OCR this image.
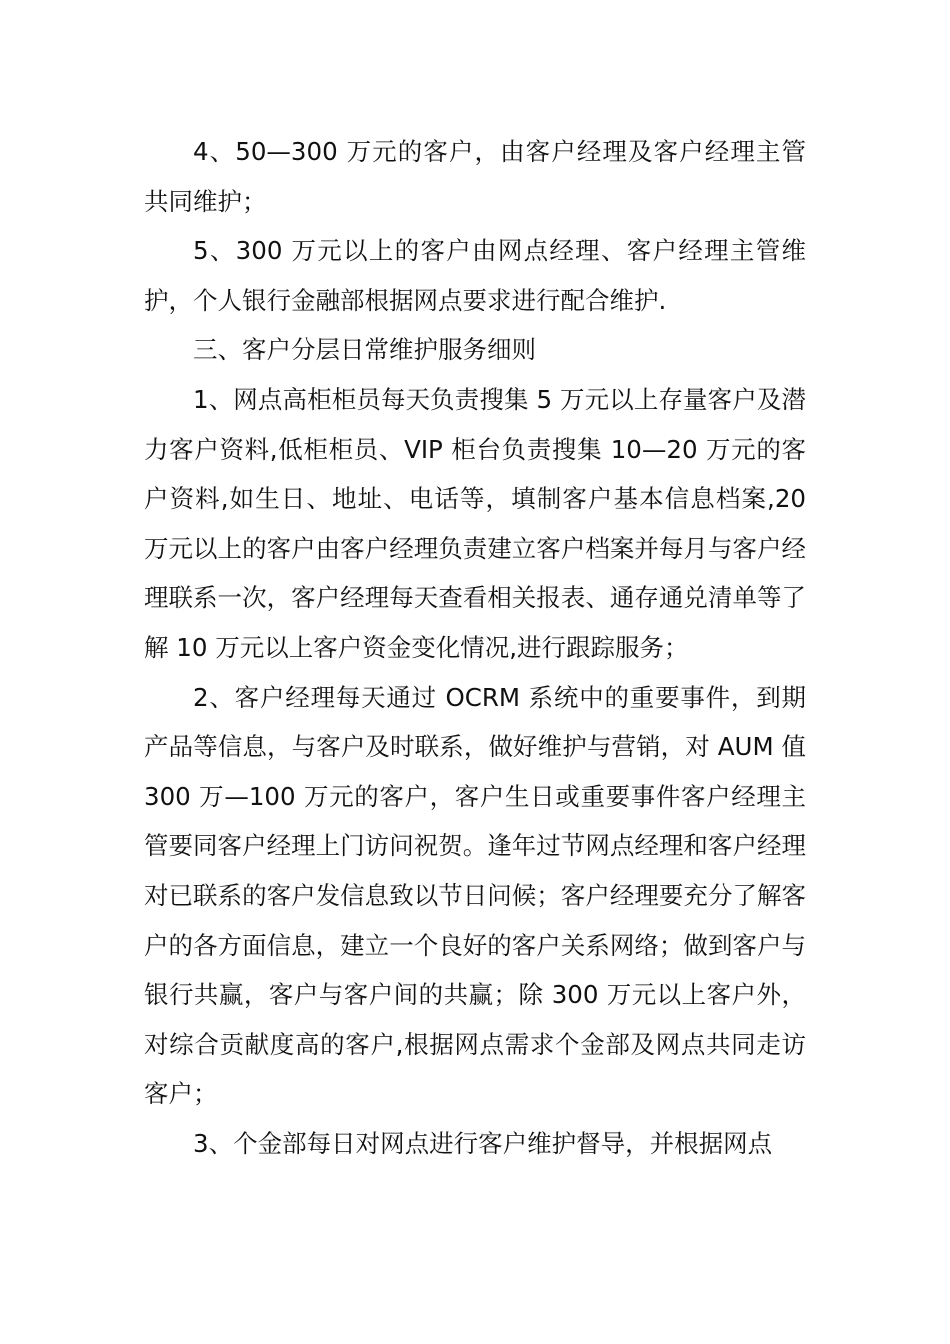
4、50—300 万元的客户，由客户经理及客户经理主管共同维护；

5、300 万元以上的客户由网点经理、客户经理主管维护，个人银行金融部根据网点要求进行配合维护.

三、客户分层日常维护服务细则

1、网点高柜柜员每天负责搜集 5 万元以上存量客户及潜力客户资料,低柜柜员、VIP 柜台负责搜集 10—20 万元的客户资料,如生日、地址、电话等，填制客户基本信息档案,20 万元以上的客户由客户经理负责建立客户档案并每月与客户经理联系一次，客户经理每天查看相关报表、通存通兑清单等了解 10 万元以上客户资金变化情况,进行跟踪服务；

2、客户经理每天通过 OCRM 系统中的重要事件，到期产品等信息，与客户及时联系，做好维护与营销，对 AUM 值 300 万—100 万元的客户，客户生日或重要事件客户经理主管要同客户经理上门访问祝贺。逢年过节网点经理和客户经理对已联系的客户发信息致以节日问候；客户经理要充分了解客户的各方面信息，建立一个良好的客户关系网络；做到客户与银行共赢，客户与客户间的共赢；除 300 万元以上客户外，对综合贡献度高的客户,根据网点需求个金部及网点共同走访客户；

3、个金部每日对网点进行客户维护督导，并根据网点
